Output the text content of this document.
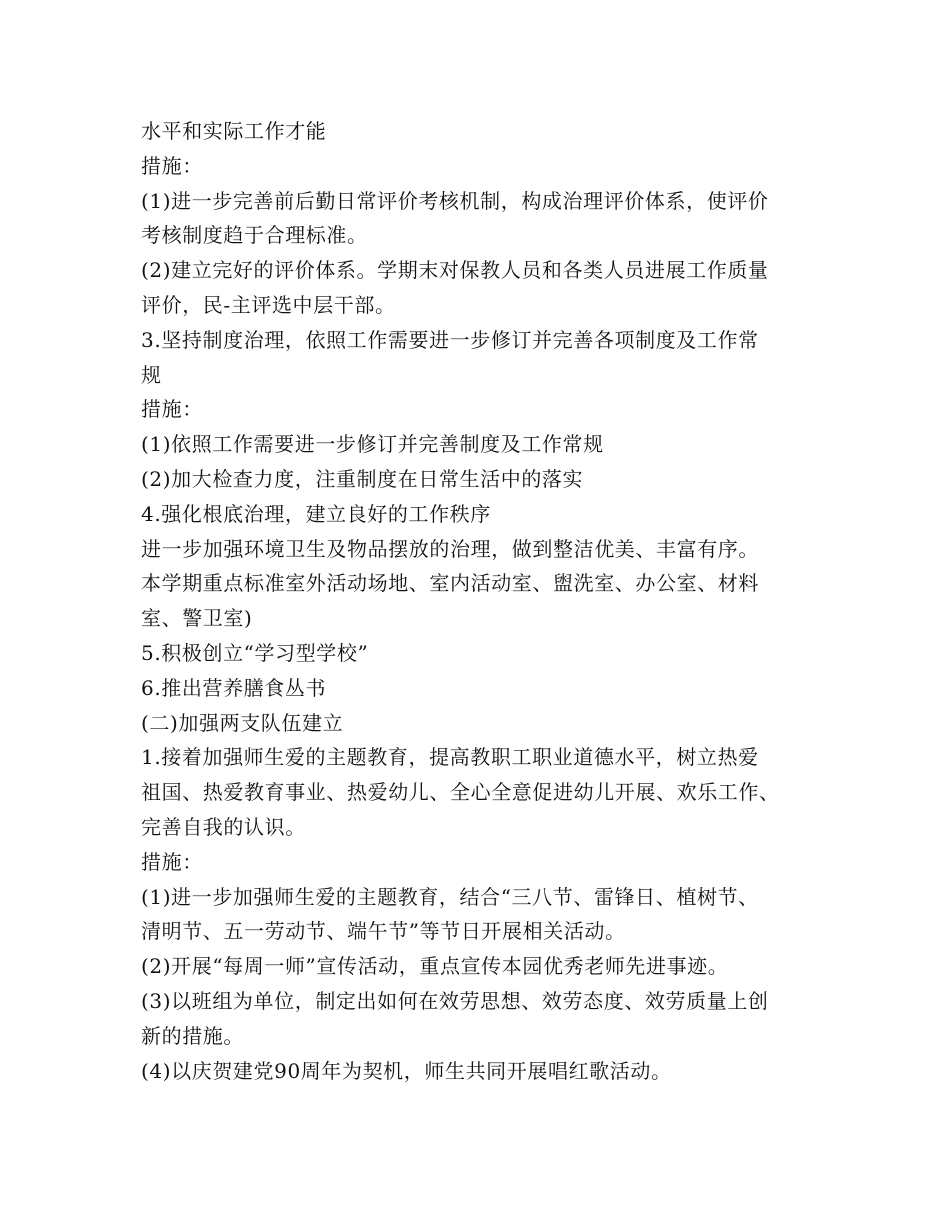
水平和实际工作才能
措施：
(1)进一步完善前后勤日常评价考核机制，构成治理评价体系，使评价
考核制度趋于合理标准。
(2)建立完好的评价体系。学期末对保教人员和各类人员进展工作质量
评价，民-主评选中层干部。
3.坚持制度治理，依照工作需要进一步修订并完善各项制度及工作常
规
措施：
(1)依照工作需要进一步修订并完善制度及工作常规
(2)加大检查力度，注重制度在日常生活中的落实
4.强化根底治理，建立良好的工作秩序
进一步加强环境卫生及物品摆放的治理，做到整洁优美、丰富有序。
本学期重点标准室外活动场地、室内活动室、盥洗室、办公室、材料
室、警卫室)
5.积极创立“学习型学校”
6.推出营养膳食丛书
(二)加强两支队伍建立
1.接着加强师生爱的主题教育，提高教职工职业道德水平，树立热爱
祖国、热爱教育事业、热爱幼儿、全心全意促进幼儿开展、欢乐工作、
完善自我的认识。
措施：
(1)进一步加强师生爱的主题教育，结合“三八节、雷锋日、植树节、
清明节、五一劳动节、端午节”等节日开展相关活动。
(2)开展“每周一师”宣传活动，重点宣传本园优秀老师先进事迹。
(3)以班组为单位，制定出如何在效劳思想、效劳态度、效劳质量上创
新的措施。
(4)以庆贺建党90周年为契机，师生共同开展唱红歌活动。
